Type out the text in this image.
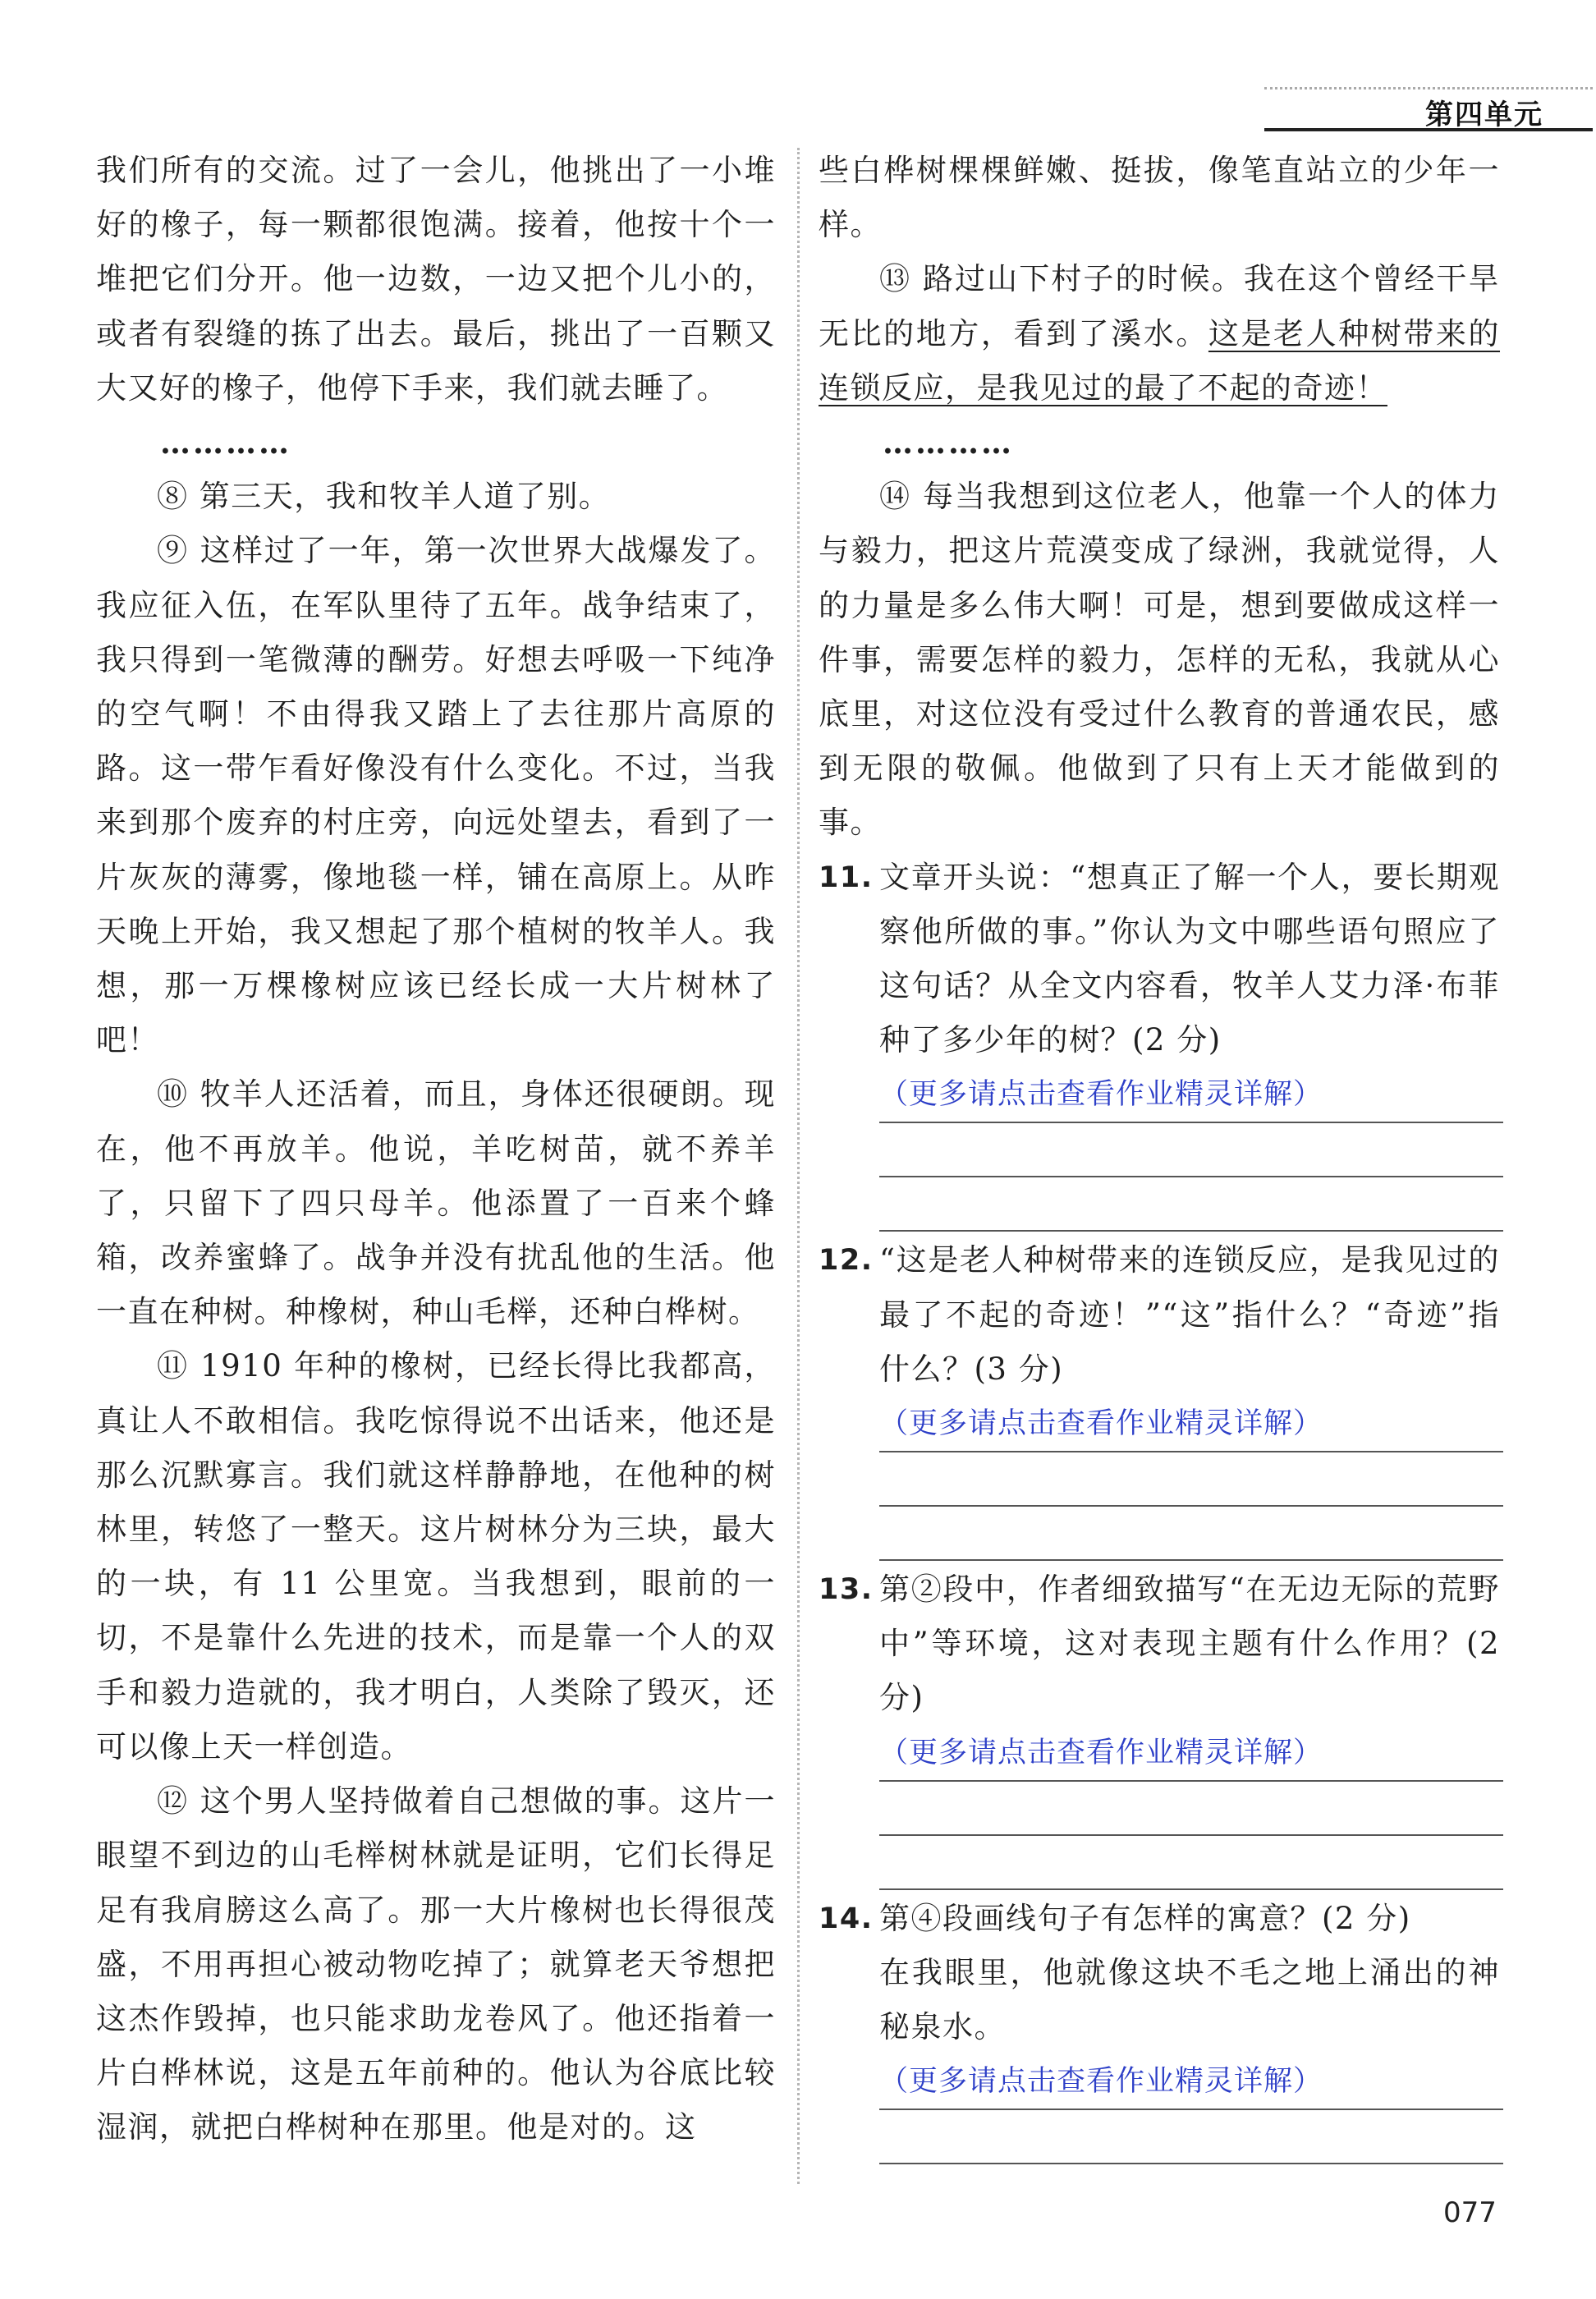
第四单元

我们所有的交流。过了一会儿，他挑出了一小堆好的橡子，每一颗都很饱满。接着，他按十个一堆把它们分开。他一边数，一边又把个儿小的，或者有裂缝的拣了出去。最后，挑出了一百颗又大又好的橡子，他停下手来，我们就去睡了。

…………

⑧ 第三天，我和牧羊人道了别。

⑨ 这样过了一年，第一次世界大战爆发了。我应征入伍，在军队里待了五年。战争结束了，我只得到一笔微薄的酬劳。好想去呼吸一下纯净的空气啊！不由得我又踏上了去往那片高原的路。这一带乍看好像没有什么变化。不过，当我来到那个废弃的村庄旁，向远处望去，看到了一片灰灰的薄雾，像地毯一样，铺在高原上。从昨天晚上开始，我又想起了那个植树的牧羊人。我想，那一万棵橡树应该已经长成一大片树林了吧！

⑩ 牧羊人还活着，而且，身体还很硬朗。现在，他不再放羊。他说，羊吃树苗，就不养羊了，只留下了四只母羊。他添置了一百来个蜂箱，改养蜜蜂了。战争并没有扰乱他的生活。他一直在种树。种橡树，种山毛榉，还种白桦树。

⑪ 1910 年种的橡树，已经长得比我都高，真让人不敢相信。我吃惊得说不出话来，他还是那么沉默寡言。我们就这样静静地，在他种的树林里，转悠了一整天。这片树林分为三块，最大的一块，有 11 公里宽。当我想到，眼前的一切，不是靠什么先进的技术，而是靠一个人的双手和毅力造就的，我才明白，人类除了毁灭，还可以像上天一样创造。

⑫ 这个男人坚持做着自己想做的事。这片一眼望不到边的山毛榉树林就是证明，它们长得足足有我肩膀这么高了。那一大片橡树也长得很茂盛，不用再担心被动物吃掉了；就算老天爷想把这杰作毁掉，也只能求助龙卷风了。他还指着一片白桦林说，这是五年前种的。他认为谷底比较湿润，就把白桦树种在那里。他是对的。这

些白桦树棵棵鲜嫩、挺拔，像笔直站立的少年一样。

⑬ 路过山下村子的时候。我在这个曾经干旱无比的地方，看到了溪水。这是老人种树带来的连锁反应，是我见过的最了不起的奇迹！

…………

⑭ 每当我想到这位老人，他靠一个人的体力与毅力，把这片荒漠变成了绿洲，我就觉得，人的力量是多么伟大啊！可是，想到要做成这样一件事，需要怎样的毅力，怎样的无私，我就从心底里，对这位没有受过什么教育的普通农民，感到无限的敬佩。他做到了只有上天才能做到的事。

11. 文章开头说：“想真正了解一个人，要长期观察他所做的事。”你认为文中哪些语句照应了这句话？从全文内容看，牧羊人艾力泽·布菲种了多少年的树？(2 分)
（更多请点击查看作业精灵详解）
12. “这是老人种树带来的连锁反应，是我见过的最了不起的奇迹！”“这”指什么？“奇迹”指什么？(3 分)
（更多请点击查看作业精灵详解）
13. 第②段中，作者细致描写“在无边无际的荒野中”等环境，这对表现主题有什么作用？(2 分)
（更多请点击查看作业精灵详解）
14. 第④段画线句子有怎样的寓意？(2 分)
在我眼里，他就像这块不毛之地上涌出的神秘泉水。
（更多请点击查看作业精灵详解）
077
